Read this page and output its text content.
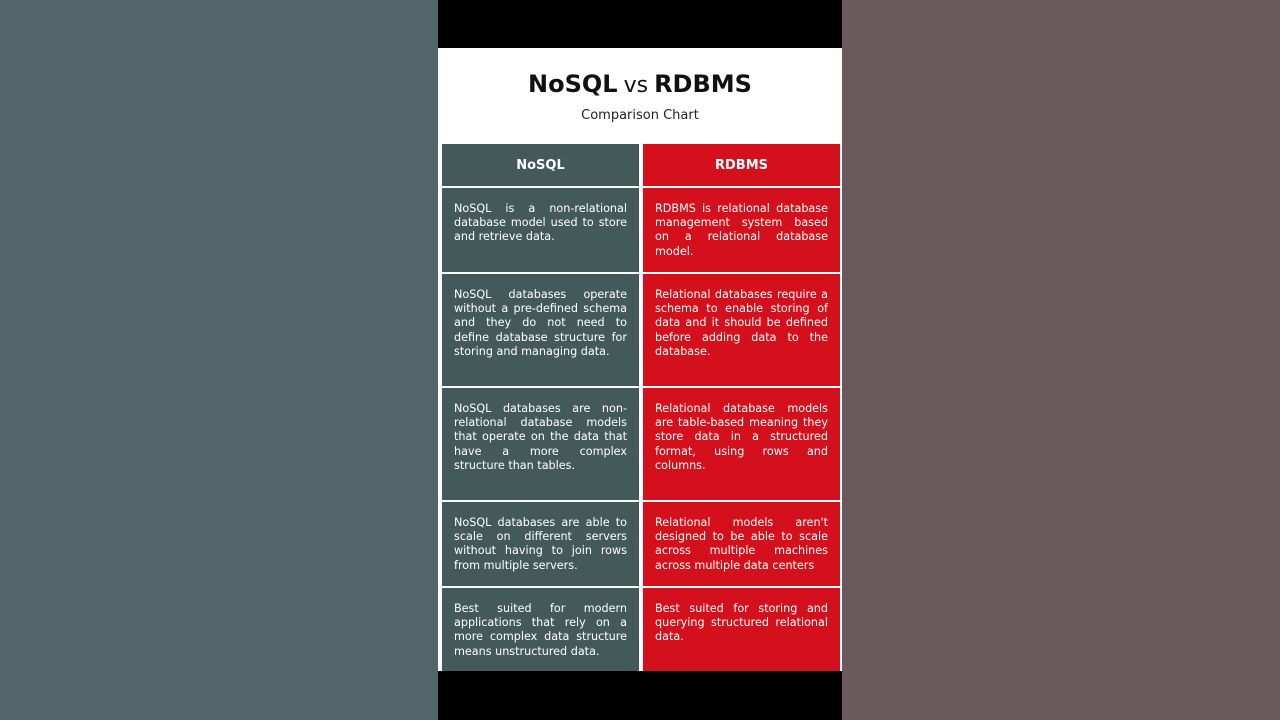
NoSQL vs RDBMS
Comparison Chart
NoSQL
NoSQL is a non-relational database model used to store and retrieve data.
NoSQL databases operate without a pre-defined schema and they do not need to define database structure for storing and managing data.
NoSQL databases are non-relational database models that operate on the data that have a more complex structure than tables.
NoSQL databases are able to scale on different servers without having to join rows from multiple servers.
Best suited for modern applications that rely on a more complex data structure means unstructured data.
RDBMS
RDBMS is relational database management system based on a relational database model.
Relational databases require a schema to enable storing of data and it should be defined before adding data to the database.
Relational database models are table-based meaning they store data in a structured format, using rows and columns.
Relational models aren't designed to be able to scale across multiple machines across multiple data centers
Best suited for storing and querying structured relational data.
